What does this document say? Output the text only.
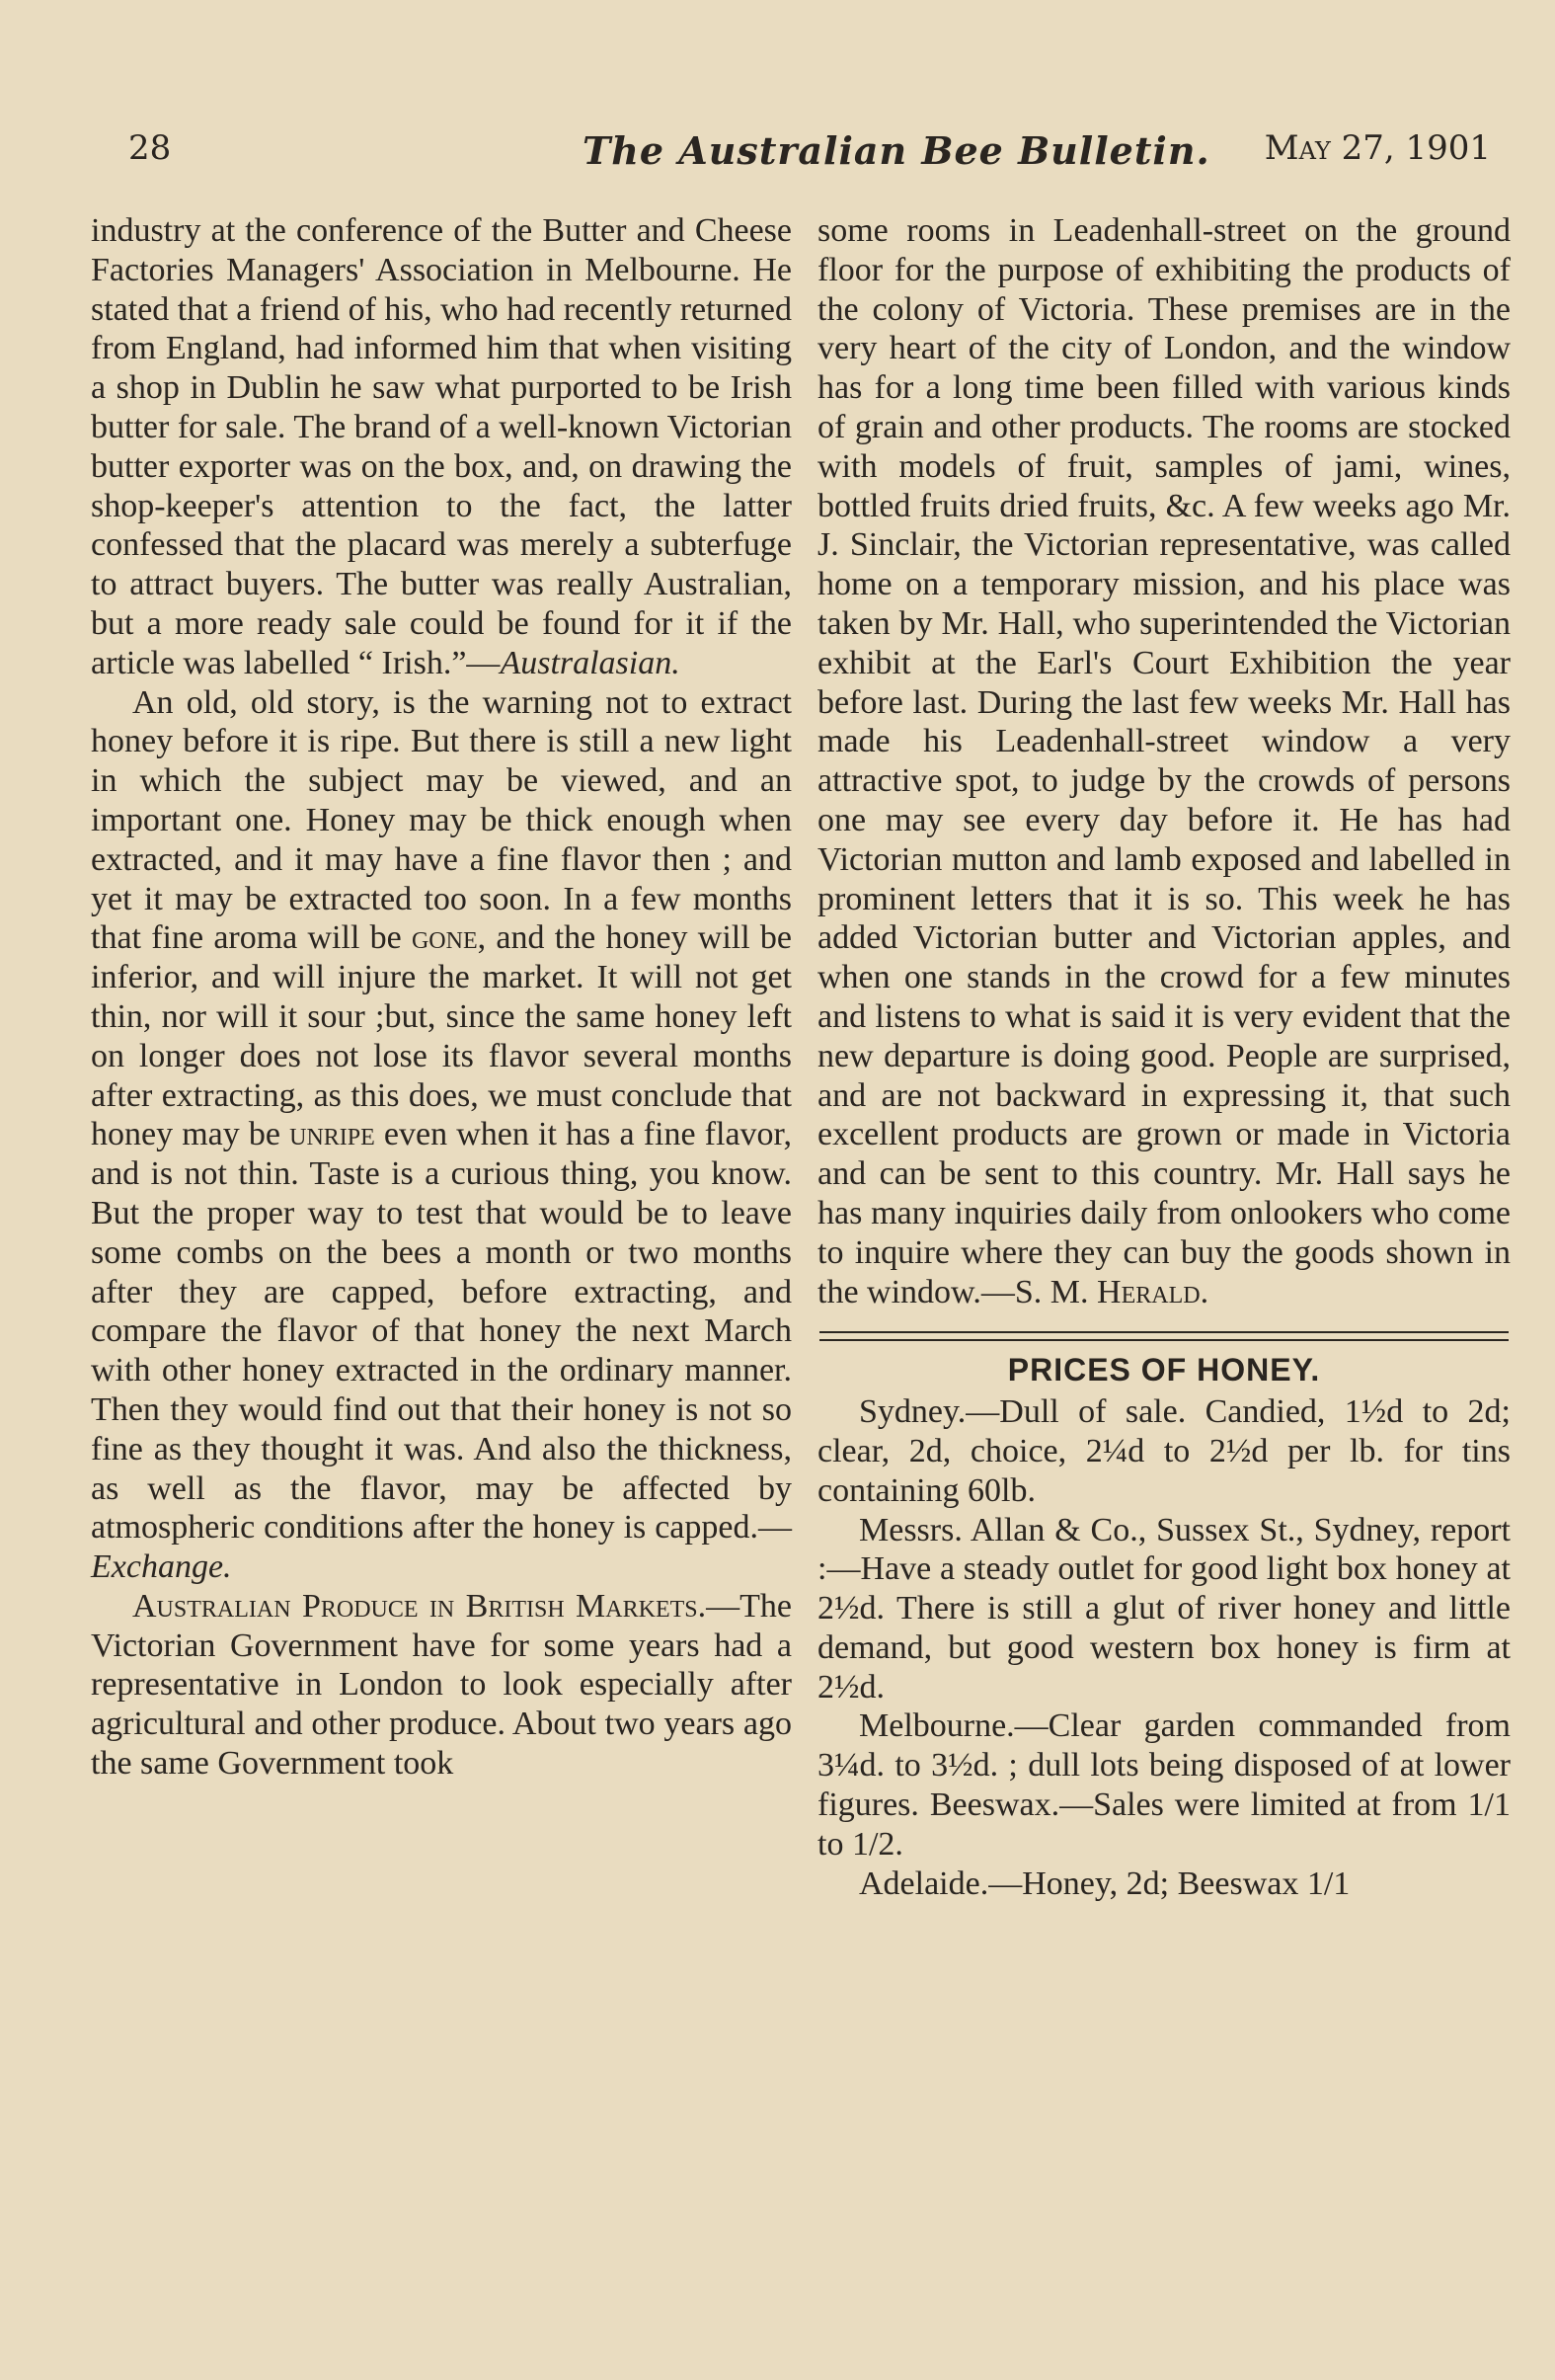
28	The Australian Bee Bulletin. May 27, 1901

industry at the conference of the Butter and Cheese Factories Managers' Association in Melbourne. He stated that a friend of his, who had recently returned from England, had informed him that when visiting a shop in Dublin he saw what purported to be Irish butter for sale. The brand of a well-known Victorian butter exporter was on the box, and, on drawing the shop-keeper's attention to the fact, the latter confessed that the placard was merely a subterfuge to attract buyers. The butter was really Australian, but a more ready sale could be found for it if the article was labelled “ Irish.”—Australasian.

An old, old story, is the warning not to extract honey before it is ripe. But there is still a new light in which the subject may be viewed, and an important one. Honey may be thick enough when extracted, and it may have a fine flavor then ; and yet it may be extracted too soon. In a few months that fine aroma will be gone, and the honey will be inferior, and will injure the market. It will not get thin, nor will it sour ;but, since the same honey left on longer does not lose its flavor several months after extracting, as this does, we must conclude that honey may be unripe even when it has a fine flavor, and is not thin. Taste is a curious thing, you know. But the proper way to test that would be to leave some combs on the bees a month or two months after they are capped, before extracting, and compare the flavor of that honey the next March with other honey extracted in the ordinary manner. Then they would find out that their honey is not so fine as they thought it was. And also the thickness, as well as the flavor, may be affected by atmospheric conditions after the honey is capped.—Exchange.

Australian Produce in British Markets.—The Victorian Government have for some years had a representative in London to look especially after agricultural and other produce. About two years ago the same Government took

some rooms in Leadenhall-street on the ground floor for the purpose of exhibiting the products of the colony of Victoria. These premises are in the very heart of the city of London, and the window has for a long time been filled with various kinds of grain and other products. The rooms are stocked with models of fruit, samples of jami, wines, bottled fruits dried fruits, &c. A few weeks ago Mr. J. Sinclair, the Victorian representative, was called home on a temporary mission, and his place was taken by Mr. Hall, who superintended the Victorian exhibit at the Earl's Court Exhibition the year before last. During the last few weeks Mr. Hall has made his Leadenhall-street window a very attractive spot, to judge by the crowds of persons one may see every day before it. He has had Victorian mutton and lamb exposed and labelled in prominent letters that it is so. This week he has added Victorian butter and Victorian apples, and when one stands in the crowd for a few minutes and listens to what is said it is very evident that the new departure is doing good. People are surprised, and are not backward in expressing it, that such excellent products are grown or made in Victoria and can be sent to this country. Mr. Hall says he has many inquiries daily from onlookers who come to inquire where they can buy the goods shown in the window.—S. M. Herald.

PRICES OF HONEY.

Sydney.—Dull of sale. Candied, 1½d to 2d; clear, 2d, choice, 2¼d to 2½d per lb. for tins containing 60lb.

Messrs. Allan & Co., Sussex St., Sydney, report :—Have a steady outlet for good light box honey at 2½d. There is still a glut of river honey and little demand, but good western box honey is firm at 2½d.

Melbourne.—Clear garden commanded from 3¼d. to 3½d. ; dull lots being disposed of at lower figures. Beeswax.—Sales were limited at from 1/1 to 1/2.

Adelaide.—Honey, 2d; Beeswax 1/1
